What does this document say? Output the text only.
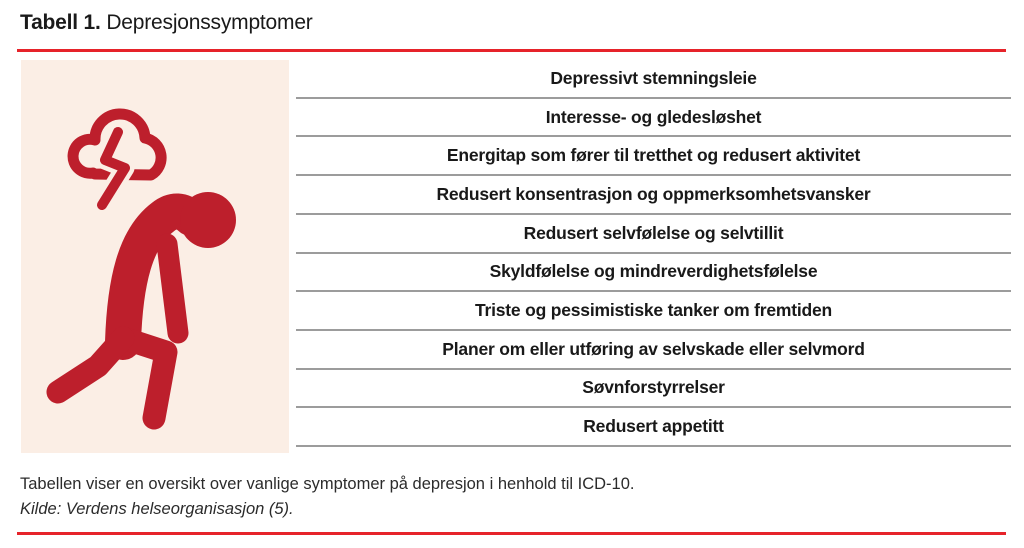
Tabell 1. Depresjonssymptomer
Depressivt stemningsleie
Interesse- og gledesløshet
Energitap som fører til tretthet og redusert aktivitet
Redusert konsentrasjon og oppmerksomhetsvansker
Redusert selvfølelse og selvtillit
Skyldfølelse og mindreverdighetsfølelse
Triste og pessimistiske tanker om fremtiden
Planer om eller utføring av selvskade eller selvmord
Søvnforstyrrelser
Redusert appetitt
Tabellen viser en oversikt over vanlige symptomer på depresjon i henhold til ICD-10.
Kilde: Verdens helseorganisasjon (5).
